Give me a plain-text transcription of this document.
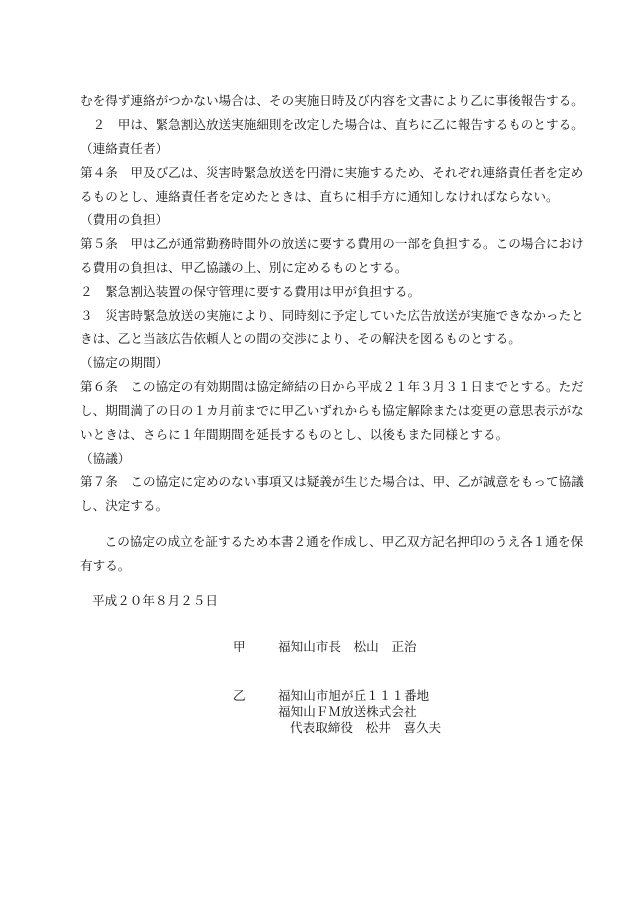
むを得ず連絡がつかない場合は、その実施日時及び内容を文書により乙に事後報告する。
　２　甲は、緊急割込放送実施細則を改定した場合は、直ちに乙に報告するものとする。
（連絡責任者）
第４条　甲及び乙は、災害時緊急放送を円滑に実施するため、それぞれ連絡責任者を定め
るものとし、連絡責任者を定めたときは、直ちに相手方に通知しなければならない。
（費用の負担）
第５条　甲は乙が通常勤務時間外の放送に要する費用の一部を負担する。この場合におけ
る費用の負担は、甲乙協議の上、別に定めるものとする。
２　緊急割込装置の保守管理に要する費用は甲が負担する。
３　災害時緊急放送の実施により、同時刻に予定していた広告放送が実施できなかったと
きは、乙と当該広告依頼人との間の交渉により、その解決を図るものとする。
（協定の期間）
第６条　この協定の有効期間は協定締結の日から平成２１年３月３１日までとする。ただ
し、期間満了の日の１カ月前までに甲乙いずれからも協定解除または変更の意思表示がな
いときは、さらに１年間期間を延長するものとし、以後もまた同様とする。
（協議）
第７条　この協定に定めのない事項又は疑義が生じた場合は、甲、乙が誠意をもって協議
し、決定する。
　この協定の成立を証するため本書２通を作成し、甲乙双方記名押印のうえ各１通を保
有する。
平成２０年８月２５日
甲	福知山市長　松山　正治
乙	福知山市旭が丘１１１番地
福知山ＦＭ放送株式会社
代表取締役　松井　喜久夫
